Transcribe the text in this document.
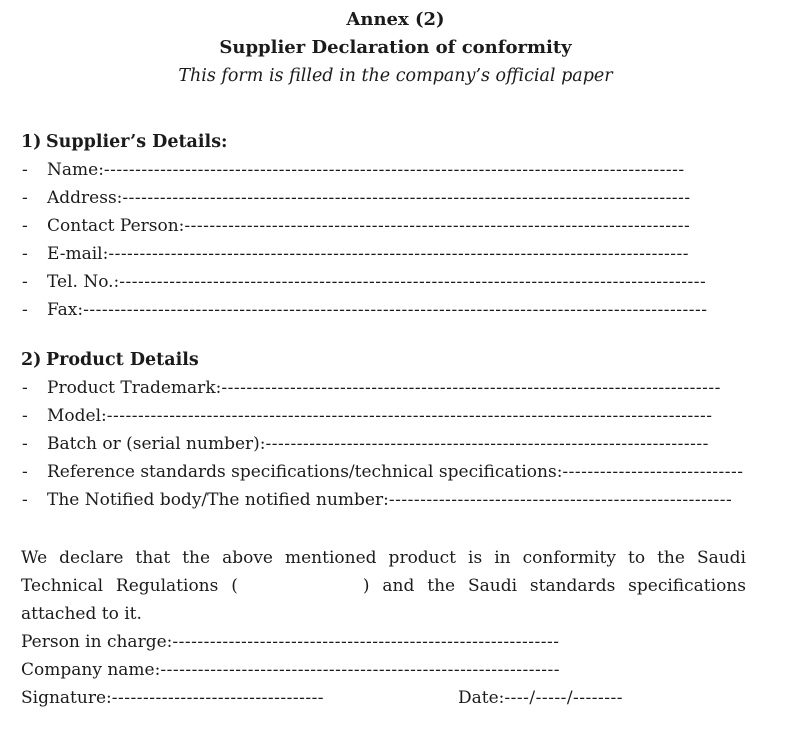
Annex (2)
Supplier Declaration of conformity
This form is filled in the company’s official paper
1) Supplier’s Details:
- Name:---------------------------------------------------------------------------------------------
- Address:-------------------------------------------------------------------------------------------
- Contact Person:---------------------------------------------------------------------------------
- E-mail:---------------------------------------------------------------------------------------------
- Tel. No.:----------------------------------------------------------------------------------------------
- Fax:----------------------------------------------------------------------------------------------------
2) Product Details
- Product Trademark:--------------------------------------------------------------------------------
- Model:-------------------------------------------------------------------------------------------------
- Batch or (serial number):-----------------------------------------------------------------------
- Reference standards specifications/technical specifications:-----------------------------
- The Notified body/The notified number:-------------------------------------------------------
We declare that the above mentioned product is in conformity to the Saudi
Technical Regulations (	) and the Saudi standards specifications
attached to it.
Person in charge:--------------------------------------------------------------
Company name:----------------------------------------------------------------
Signature:----------------------------------	Date:----/-----/--------
